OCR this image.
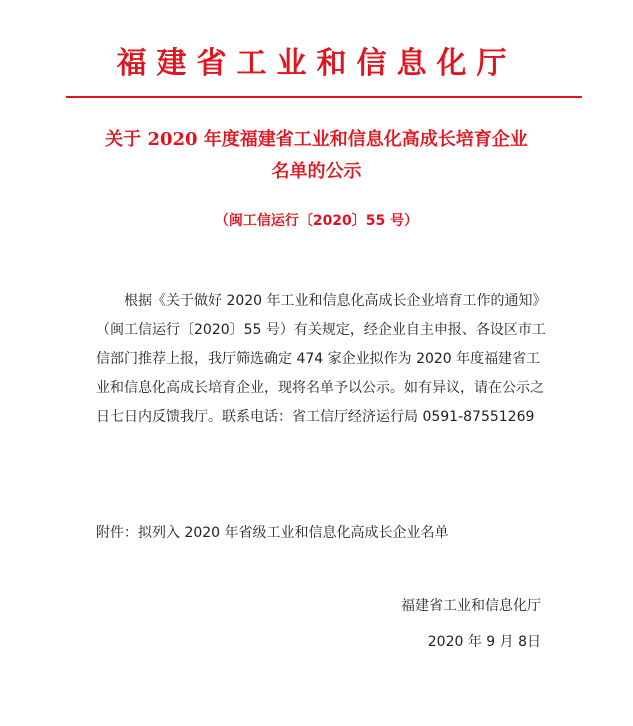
福建省工业和信息化厅
关于 2020 年度福建省工业和信息化高成长培育企业
名单的公示
（闽工信运行〔2020〕55 号）
根据《关于做好 2020 年工业和信息化高成长企业培育工作的通知》（闽工信运行〔2020〕55 号）有关规定，经企业自主申报、各设区市工信部门推荐上报，我厅筛选确定 474 家企业拟作为 2020 年度福建省工业和信息化高成长培育企业，现将名单予以公示。如有异议，请在公示之日七日内反馈我厅。联系电话：省工信厅经济运行局 0591-87551269
附件：拟列入 2020 年省级工业和信息化高成长企业名单
福建省工业和信息化厅
2020 年 9 月 8日
